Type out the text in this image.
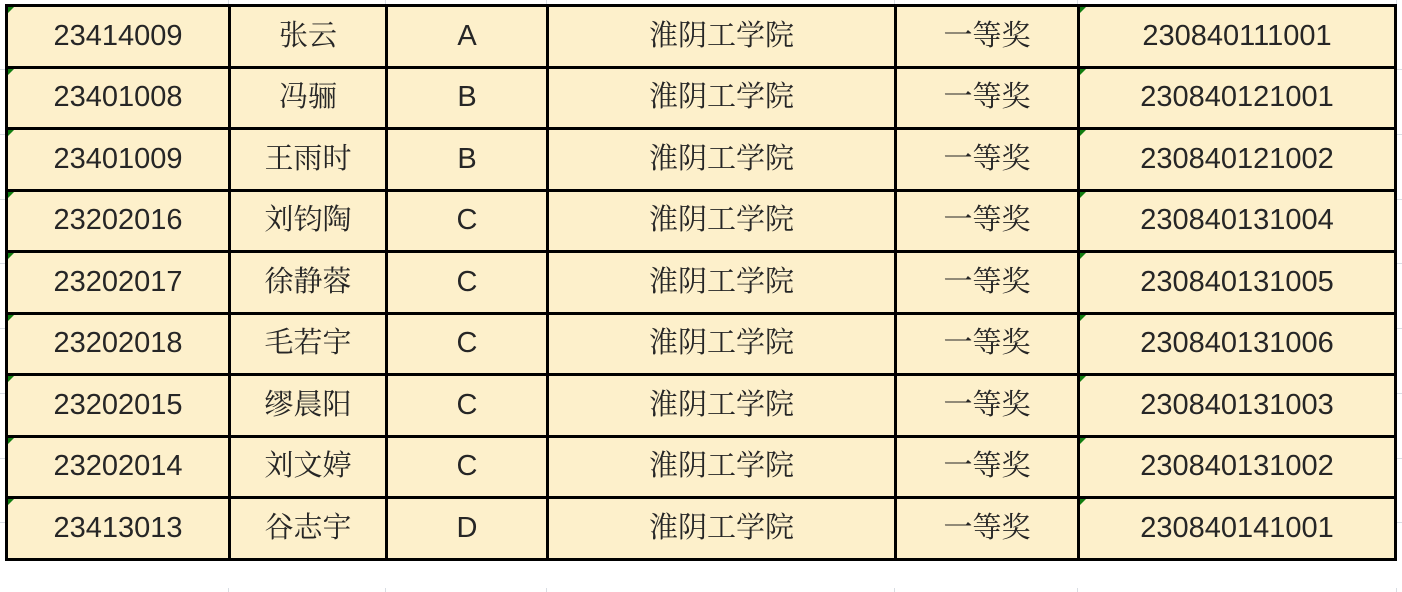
23414009	张云	A	淮阴工学院	一等奖	230840111001

23401008	冯骊	B	淮阴工学院	一等奖	230840121001

23401009	王雨时	B	淮阴工学院	一等奖	230840121002

23202016	刘钧陶	C	淮阴工学院	一等奖	230840131004

23202017	徐静蓉	C	淮阴工学院	一等奖	230840131005

23202018	毛若宇	C	淮阴工学院	一等奖	230840131006

23202015	缪晨阳	C	淮阴工学院	一等奖	230840131003

23202014	刘文婷	C	淮阴工学院	一等奖	230840131002

23413013	谷志宇	D	淮阴工学院	一等奖	230840141001
